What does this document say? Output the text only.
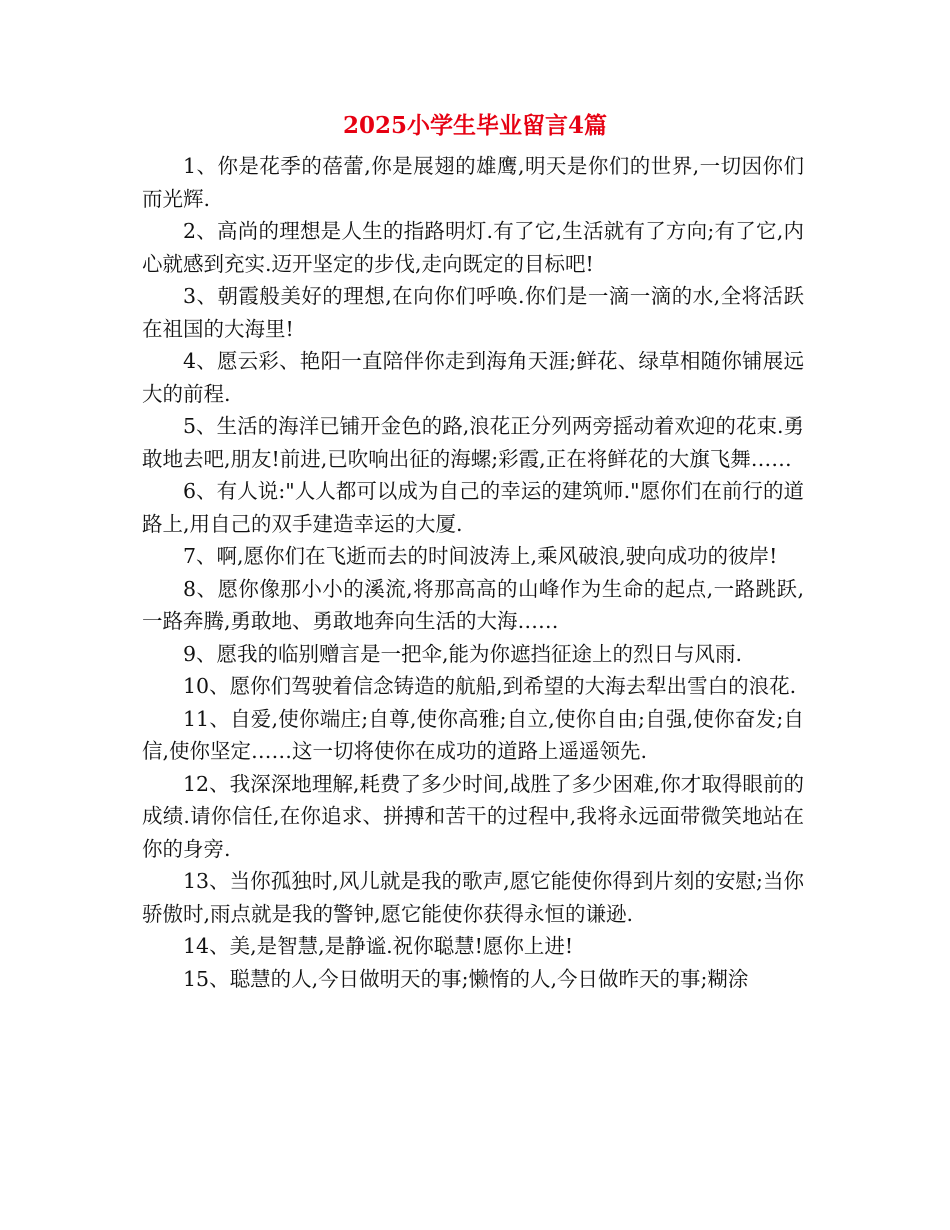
2025小学生毕业留言4篇

1、你是花季的蓓蕾,你是展翅的雄鹰,明天是你们的世界,一切因你们而光辉.

2、高尚的理想是人生的指路明灯.有了它,生活就有了方向;有了它,内心就感到充实.迈开坚定的步伐,走向既定的目标吧!

3、朝霞般美好的理想,在向你们呼唤.你们是一滴一滴的水,全将活跃在祖国的大海里!

4、愿云彩、艳阳一直陪伴你走到海角天涯;鲜花、绿草相随你铺展远大的前程.

5、生活的海洋已铺开金色的路,浪花正分列两旁摇动着欢迎的花束.勇敢地去吧,朋友!前进,已吹响出征的海螺;彩霞,正在将鲜花的大旗飞舞……

6、有人说:"人人都可以成为自己的幸运的建筑师."愿你们在前行的道路上,用自己的双手建造幸运的大厦.

7、啊,愿你们在飞逝而去的时间波涛上,乘风破浪,驶向成功的彼岸!

8、愿你像那小小的溪流,将那高高的山峰作为生命的起点,一路跳跃,一路奔腾,勇敢地、勇敢地奔向生活的大海……

9、愿我的临别赠言是一把伞,能为你遮挡征途上的烈日与风雨.

10、愿你们驾驶着信念铸造的航船,到希望的大海去犁出雪白的浪花.

11、自爱,使你端庄;自尊,使你高雅;自立,使你自由;自强,使你奋发;自信,使你坚定……这一切将使你在成功的道路上遥遥领先.

12、我深深地理解,耗费了多少时间,战胜了多少困难,你才取得眼前的成绩.请你信任,在你追求、拼搏和苦干的过程中,我将永远面带微笑地站在你的身旁.

13、当你孤独时,风儿就是我的歌声,愿它能使你得到片刻的安慰;当你骄傲时,雨点就是我的警钟,愿它能使你获得永恒的谦逊.

14、美,是智慧,是静谧.祝你聪慧!愿你上进!

15、聪慧的人,今日做明天的事;懒惰的人,今日做昨天的事;糊涂
